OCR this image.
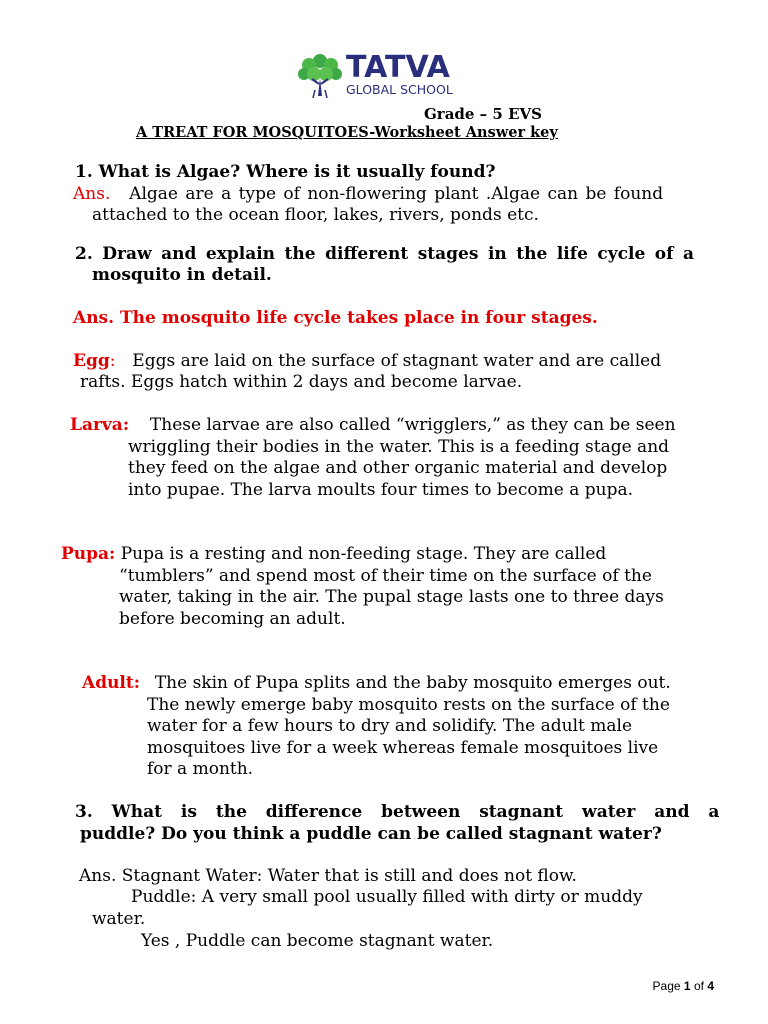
TATVA
GLOBAL SCHOOL
Grade – 5 EVS
A TREAT FOR MOSQUITOES-Worksheet Answer key
1. What is Algae? Where is it usually found?
Ans. Algae are a type of non-flowering plant .Algae can be found
attached to the ocean floor, lakes, rivers, ponds etc.
2. Draw and explain the different stages in the life cycle of a
mosquito in detail.
Ans. The mosquito life cycle takes place in four stages.
Egg: Eggs are laid on the surface of stagnant water and are called
rafts. Eggs hatch within 2 days and become larvae.
Larva: These larvae are also called “wrigglers,” as they can be seen
wriggling their bodies in the water. This is a feeding stage and
they feed on the algae and other organic material and develop
into pupae. The larva moults four times to become a pupa.
Pupa: Pupa is a resting and non-feeding stage. They are called
“tumblers” and spend most of their time on the surface of the
water, taking in the air. The pupal stage lasts one to three days
before becoming an adult.
Adult: The skin of Pupa splits and the baby mosquito emerges out.
The newly emerge baby mosquito rests on the surface of the
water for a few hours to dry and solidify. The adult male
mosquitoes live for a week whereas female mosquitoes live
for a month.
3. What is the difference between stagnant water and a
puddle? Do you think a puddle can be called stagnant water?
Ans. Stagnant Water: Water that is still and does not flow.
Puddle: A very small pool usually filled with dirty or muddy
water.
Yes , Puddle can become stagnant water.
Page 1 of 4
